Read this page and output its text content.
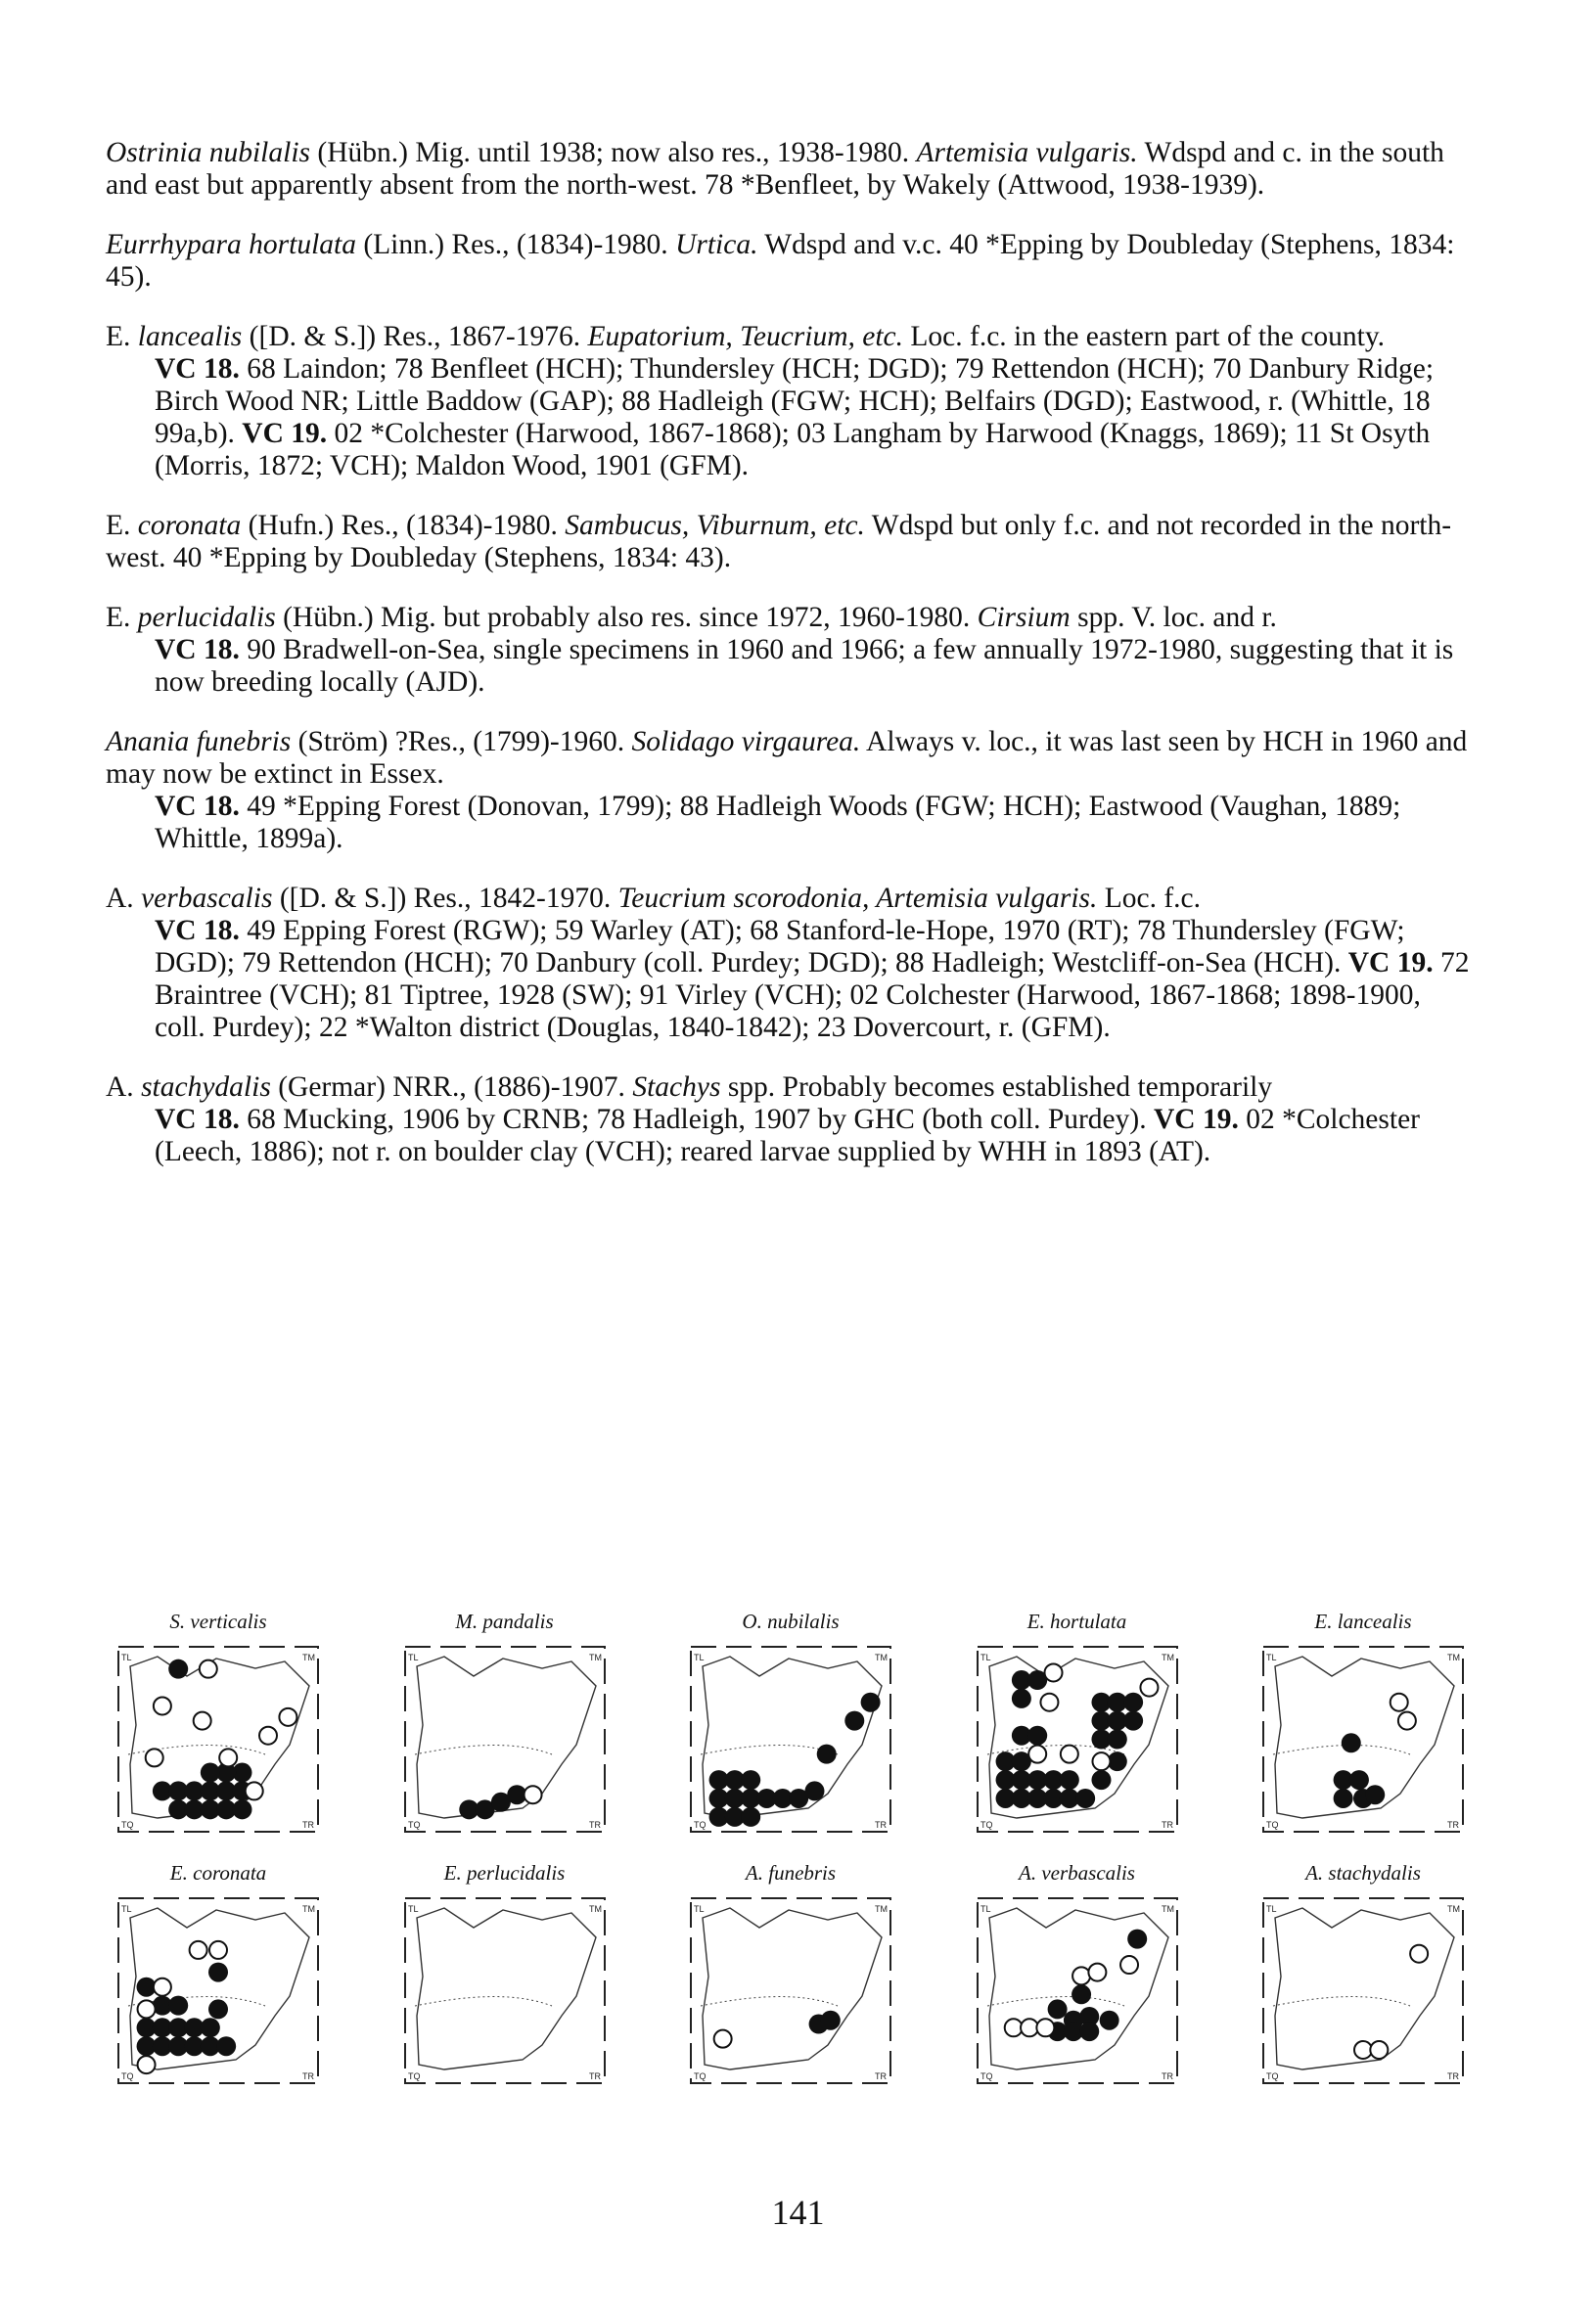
Ostrinia nubilalis (Hübn.) Mig. until 1938; now also res., 1938-1980. Artemisia vulgaris. Wdspd and c. in the south and east but apparently absent from the north-west. 78 *Benfleet, by Wakely (Attwood, 1938-1939).
Eurrhypara hortulata (Linn.) Res., (1834)-1980. Urtica. Wdspd and v.c. 40 *Epping by Doubleday (Stephens, 1834: 45).
E. lancealis ([D. & S.]) Res., 1867-1976. Eupatorium, Teucrium, etc. Loc. f.c. in the eastern part of the county.
VC 18. 68 Laindon; 78 Benfleet (HCH); Thundersley (HCH; DGD); 79 Rettendon (HCH); 70 Danbury Ridge; Birch Wood NR; Little Baddow (GAP); 88 Hadleigh (FGW; HCH); Belfairs (DGD); Eastwood, r. (Whittle, 18 99a,b). VC 19. 02 *Colchester (Harwood, 1867-1868); 03 Langham by Harwood (Knaggs, 1869); 11 St Osyth (Morris, 1872; VCH); Maldon Wood, 1901 (GFM).
E. coronata (Hufn.) Res., (1834)-1980. Sambucus, Viburnum, etc. Wdspd but only f.c. and not recorded in the north-west. 40 *Epping by Doubleday (Stephens, 1834: 43).
E. perlucidalis (Hübn.) Mig. but probably also res. since 1972, 1960-1980. Cirsium spp. V. loc. and r.
VC 18. 90 Bradwell-on-Sea, single specimens in 1960 and 1966; a few annually 1972-1980, suggesting that it is now breeding locally (AJD).
Anania funebris (Ström) ?Res., (1799)-1960. Solidago virgaurea. Always v. loc., it was last seen by HCH in 1960 and may now be extinct in Essex.
VC 18. 49 *Epping Forest (Donovan, 1799); 88 Hadleigh Woods (FGW; HCH); Eastwood (Vaughan, 1889; Whittle, 1899a).
A. verbascalis ([D. & S.]) Res., 1842-1970. Teucrium scorodonia, Artemisia vulgaris. Loc. f.c.
VC 18. 49 Epping Forest (RGW); 59 Warley (AT); 68 Stanford-le-Hope, 1970 (RT); 78 Thundersley (FGW; DGD); 79 Rettendon (HCH); 70 Danbury (coll. Purdey; DGD); 88 Hadleigh; Westcliff-on-Sea (HCH). VC 19. 72 Braintree (VCH); 81 Tiptree, 1928 (SW); 91 Virley (VCH); 02 Colchester (Harwood, 1867-1868; 1898-1900, coll. Purdey); 22 *Walton district (Douglas, 1840-1842); 23 Dovercourt, r. (GFM).
A. stachydalis (Germar) NRR., (1886)-1907. Stachys spp. Probably becomes established temporarily
VC 18. 68 Mucking, 1906 by CRNB; 78 Hadleigh, 1907 by GHC (both coll. Purdey). VC 19. 02 *Colchester (Leech, 1886); not r. on boulder clay (VCH); reared larvae supplied by WHH in 1893 (AT).
S. verticalis
TL	TM
TQ	TR
M. pandalis
TL	TM
TQ	TR
O. nubilalis
TL	TM
TQ	TR
E. hortulata
TL	TM
TQ	TR
E. lancealis
TL	TM
TQ	TR
E. coronata
TL	TM
TQ	TR
E. perlucidalis
TL	TM
TQ	TR
A. funebris
TL	TM
TQ	TR
A. verbascalis
TL	TM
TQ	TR
A. stachydalis
TL	TM
TQ	TR
141
